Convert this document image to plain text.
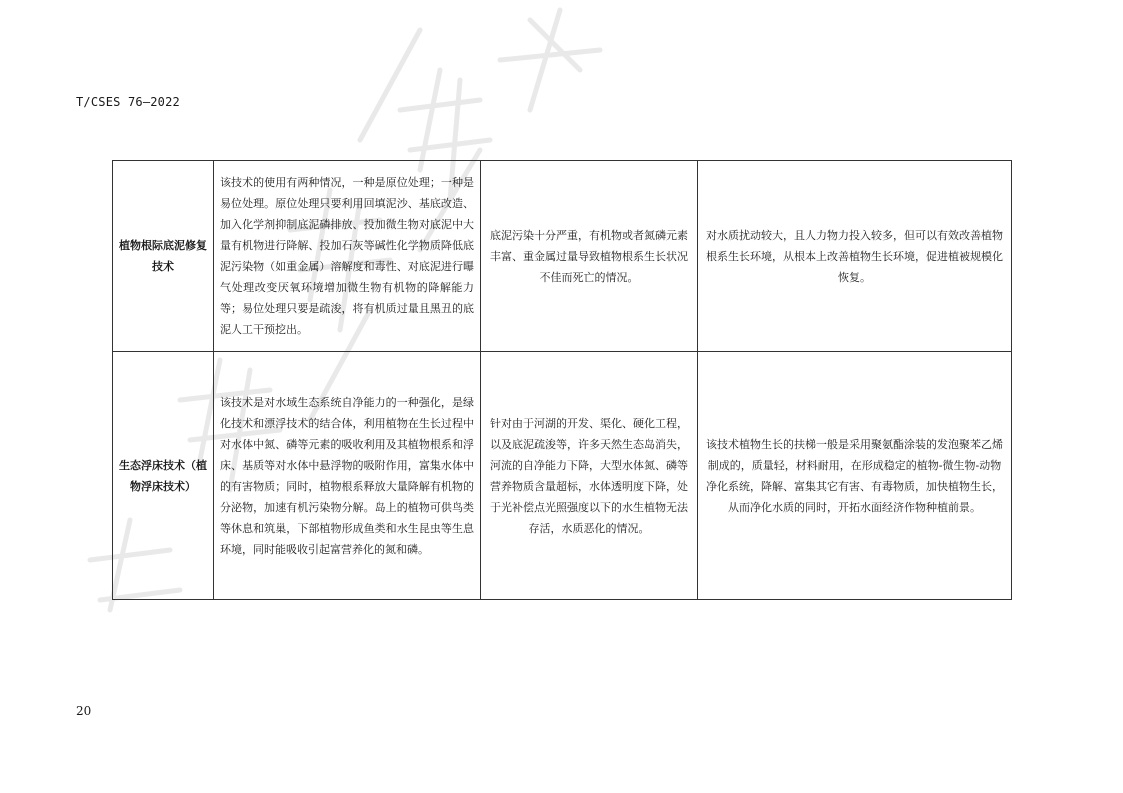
T/CSES 76—2022
植物根际底泥修复技术	该技术的使用有两种情况，一种是原位处理；一种是易位处理。原位处理只要利用回填泥沙、基底改造、加入化学剂抑制底泥磷排放、投加微生物对底泥中大量有机物进行降解、投加石灰等碱性化学物质降低底泥污染物（如重金属）溶解度和毒性、对底泥进行曝气处理改变厌氧环境增加微生物有机物的降解能力等；易位处理只要是疏浚，将有机质过量且黑丑的底泥人工干预挖出。	底泥污染十分严重，有机物或者氮磷元素丰富、重金属过量导致植物根系生长状况不佳而死亡的情况。	对水质扰动较大，且人力物力投入较多，但可以有效改善植物根系生长环境，从根本上改善植物生长环境，促进植被规模化恢复。
生态浮床技术（植物浮床技术）	该技术是对水域生态系统自净能力的一种强化，是绿化技术和漂浮技术的结合体，利用植物在生长过程中对水体中氮、磷等元素的吸收利用及其植物根系和浮床、基质等对水体中悬浮物的吸附作用，富集水体中的有害物质；同时，植物根系释放大量降解有机物的分泌物，加速有机污染物分解。岛上的植物可供鸟类等休息和筑巢，下部植物形成鱼类和水生昆虫等生息环境，同时能吸收引起富营养化的氮和磷。	针对由于河湖的开发、渠化、硬化工程，以及底泥疏浚等，许多天然生态岛消失，河流的自净能力下降，大型水体氮、磷等营养物质含量超标，水体透明度下降，处于光补偿点光照强度以下的水生植物无法存活，水质恶化的情况。	该技术植物生长的扶梯一般是采用聚氨酯涂装的发泡聚苯乙烯制成的，质量轻，材料耐用，在形成稳定的植物-微生物-动物净化系统，降解、富集其它有害、有毒物质，加快植物生长，从而净化水质的同时，开拓水面经济作物种植前景。
20
